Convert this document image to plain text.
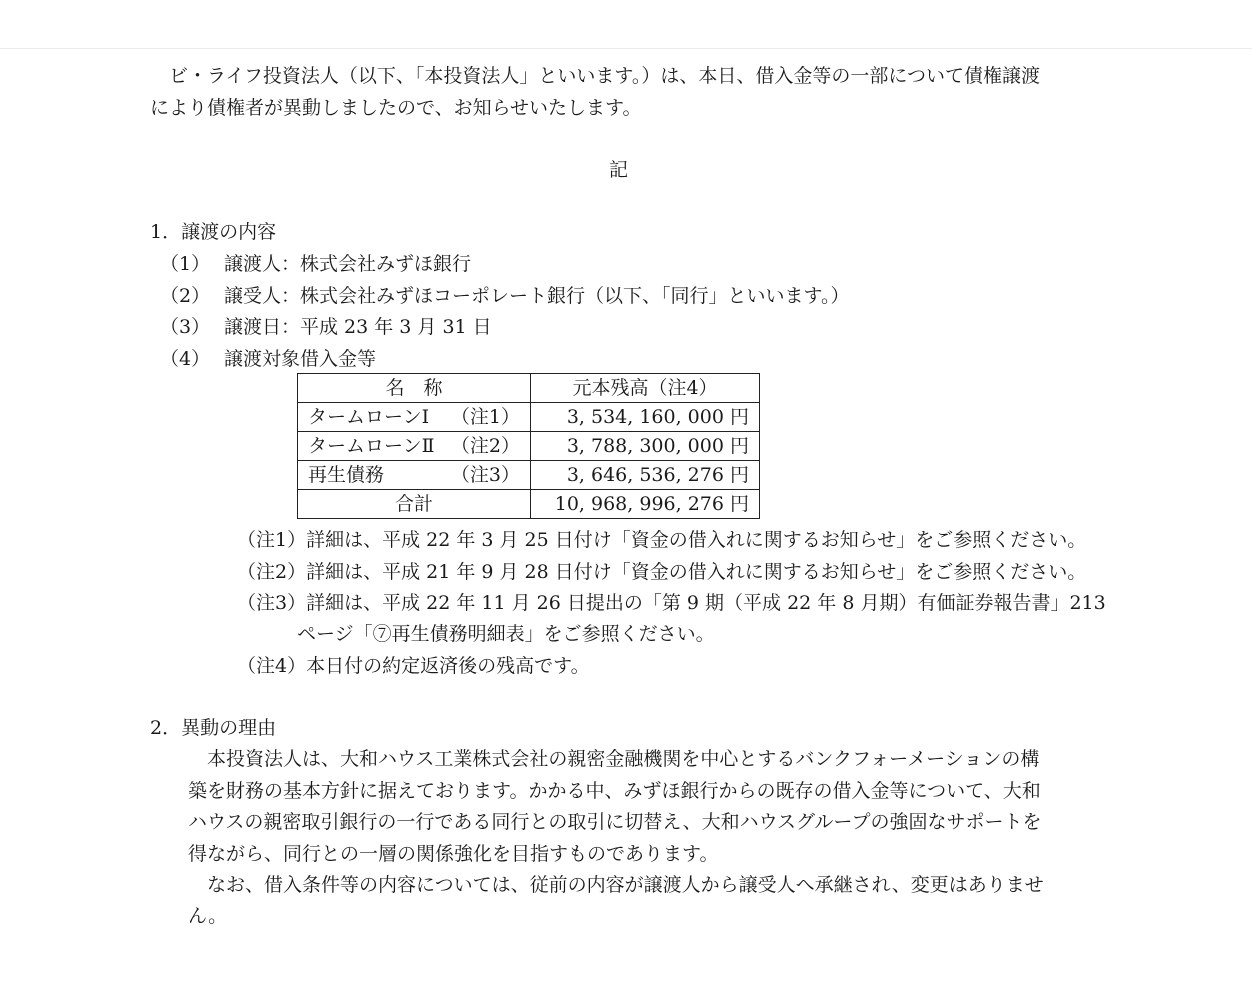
ビ・ライフ投資法人（以下、「本投資法人」といいます。）は、本日、借入金等の一部について債権譲渡
により債権者が異動しましたので、お知らせいたします。
記
1．譲渡の内容
（1） 譲渡人：株式会社みずほ銀行
（2） 譲受人：株式会社みずほコーポレート銀行（以下、「同行」といいます。）
（3） 譲渡日：平成 23 年 3 月 31 日
（4） 譲渡対象借入金等
名　称	元本残高（注4）
タームローンⅠ （注1）	3, 534, 160, 000 円
タームローンⅡ （注2）	3, 788, 300, 000 円
再生債務 （注3）	3, 646, 536, 276 円
合計	10, 968, 996, 276 円
（注1）詳細は、平成 22 年 3 月 25 日付け「資金の借入れに関するお知らせ」をご参照ください。
（注2）詳細は、平成 21 年 9 月 28 日付け「資金の借入れに関するお知らせ」をご参照ください。
（注3）詳細は、平成 22 年 11 月 26 日提出の「第 9 期（平成 22 年 8 月期）有価証券報告書」213
ページ「⑦再生債務明細表」をご参照ください。
（注4）本日付の約定返済後の残高です。
2．異動の理由
本投資法人は、大和ハウス工業株式会社の親密金融機関を中心とするバンクフォーメーションの構
築を財務の基本方針に据えております。かかる中、みずほ銀行からの既存の借入金等について、大和
ハウスの親密取引銀行の一行である同行との取引に切替え、大和ハウスグループの強固なサポートを
得ながら、同行との一層の関係強化を目指すものであります。
なお、借入条件等の内容については、従前の内容が譲渡人から譲受人へ承継され、変更はありませ
ん。
